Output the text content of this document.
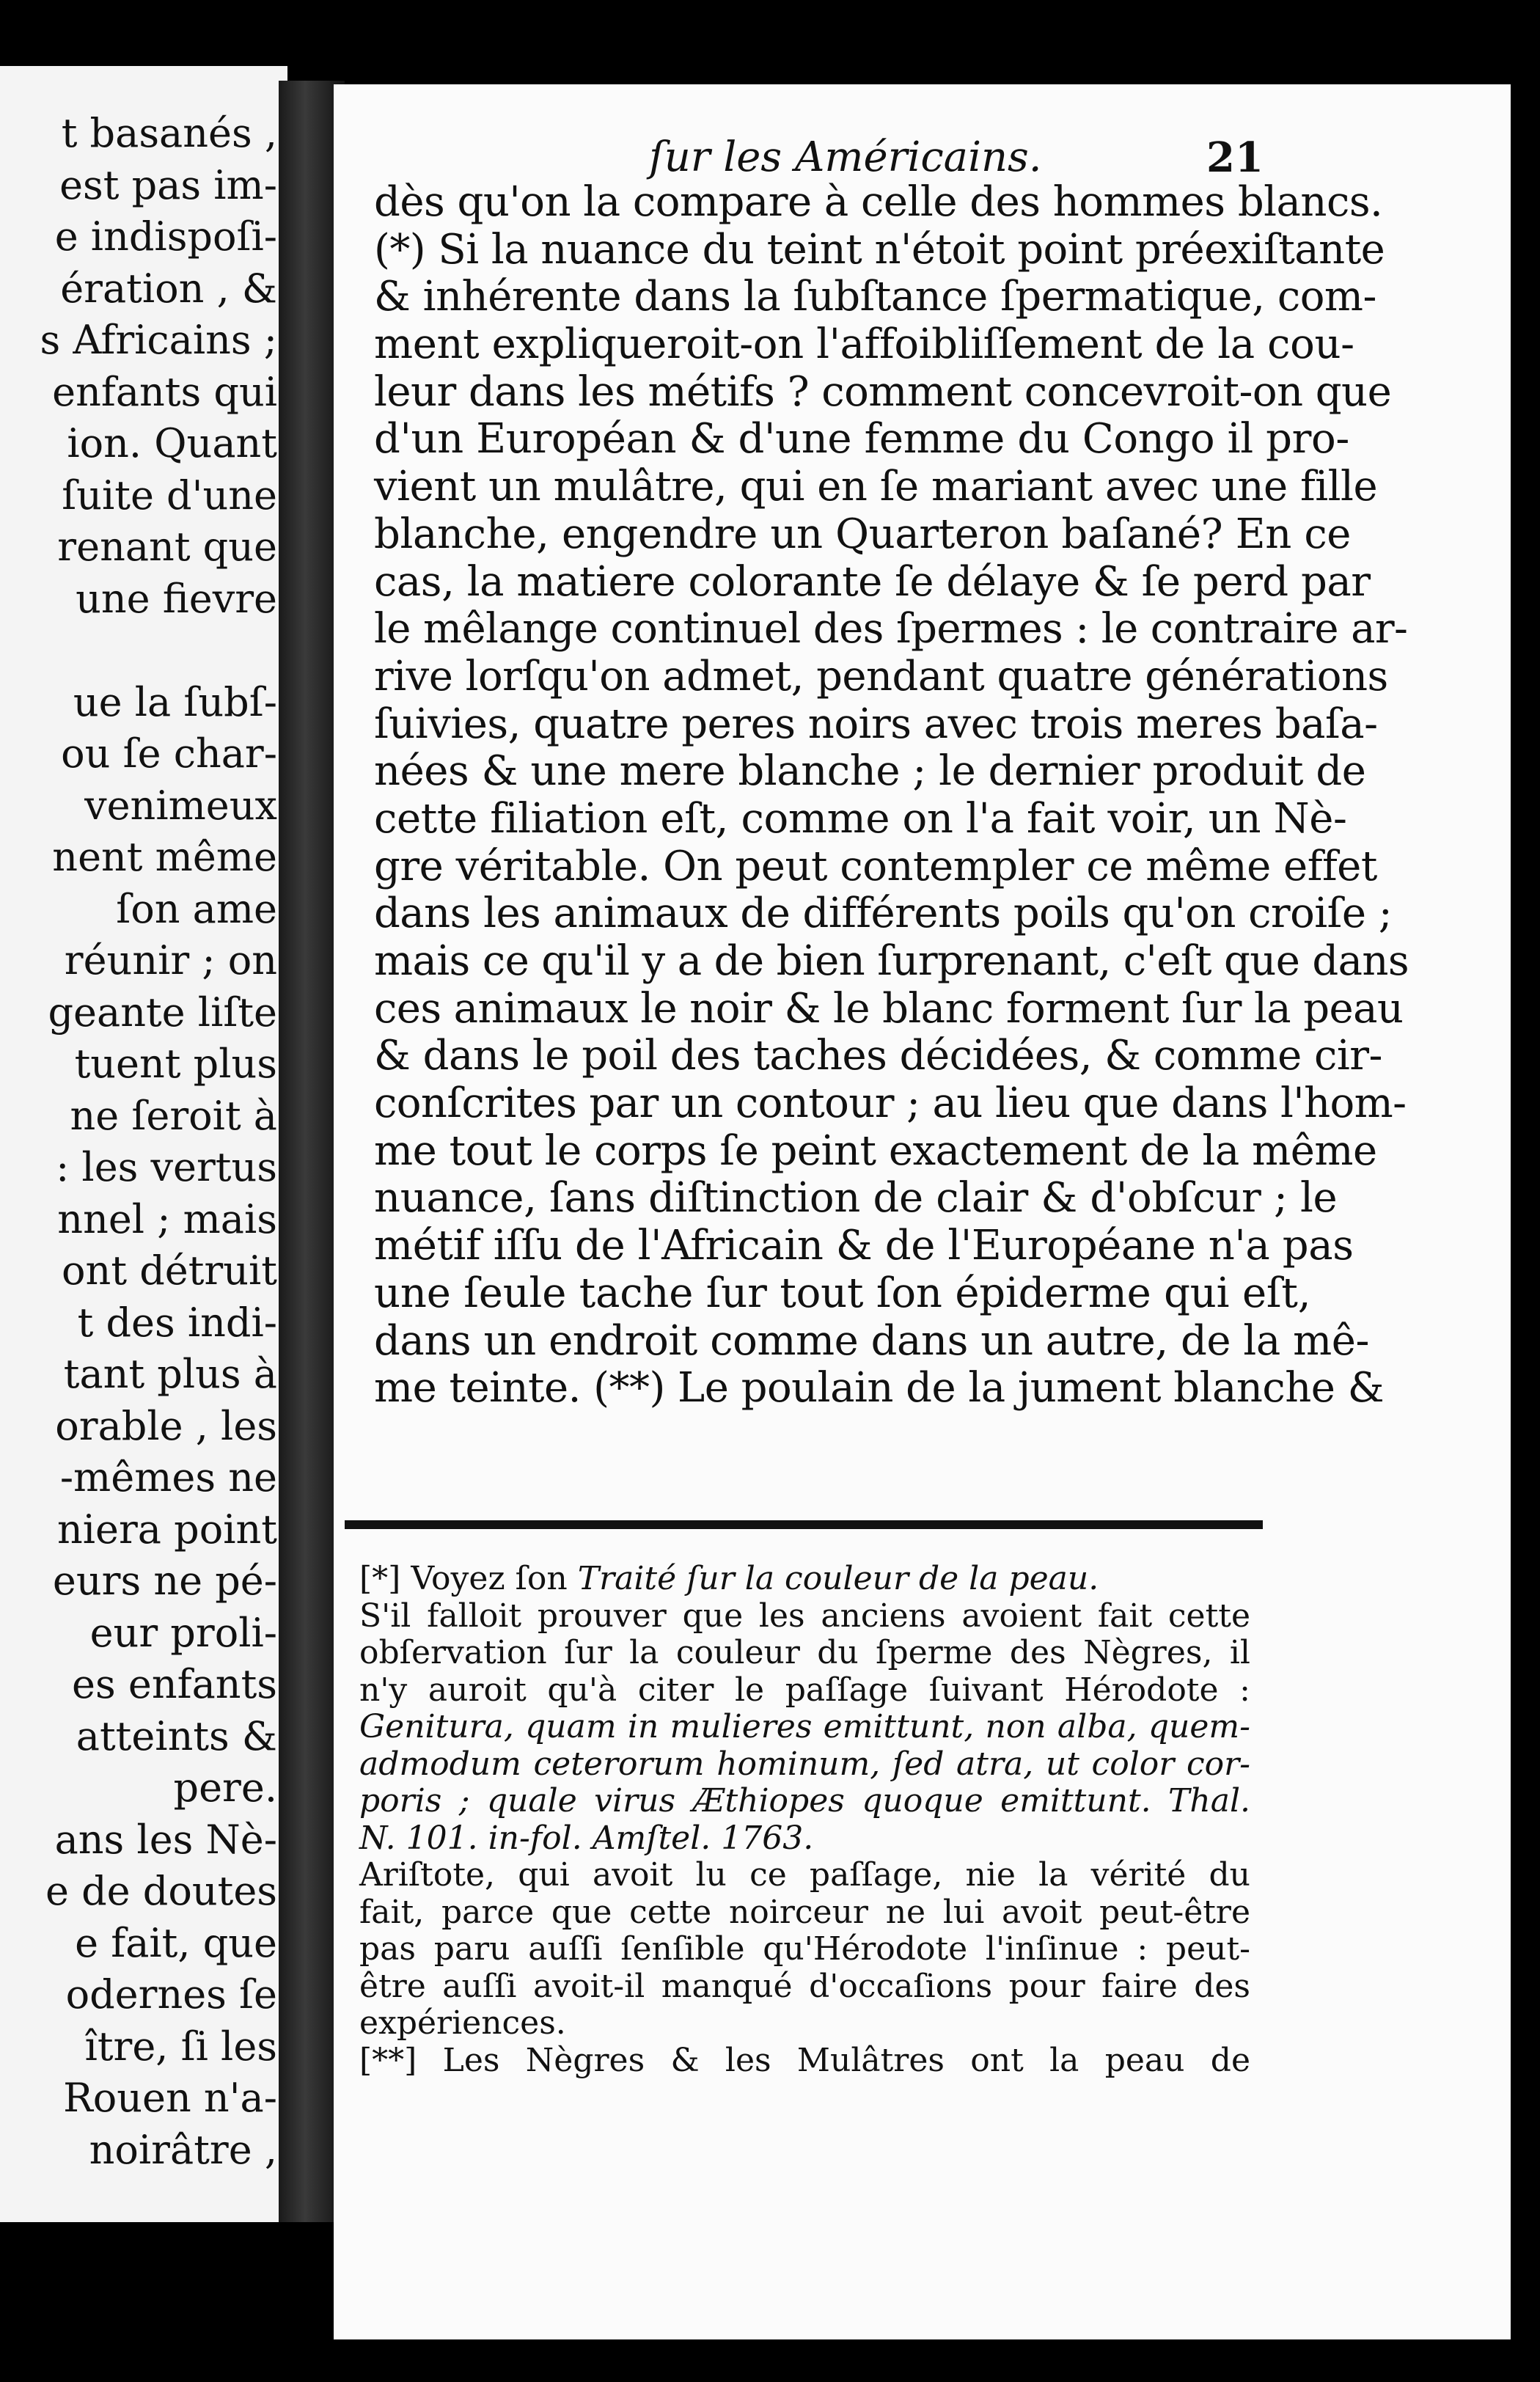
t basanés ,
est pas im-
e indispoſi-
ération , &
s Africains ;
enfants qui
ion. Quant
ſuite d'une
renant que
une fievre
ue la ſubſ-
ou ſe char-
venimeux
nent même
ſon ame
réunir ; on
geante liſte
tuent plus
ne ſeroit à
: les vertus
nnel ; mais
ont détruit
t des indi-
tant plus à
orable , les
-mêmes ne
niera point
eurs ne pé-
eur proli-
es enfants
atteints &
pere.
ans les Nè-
e de doutes
e fait, que
odernes ſe
ître, ſi les
Rouen n'a-
noirâtre ,
ſur les Américains.	21
dès qu'on la compare à celle des hommes blancs.
(*) Si la nuance du teint n'étoit point préexiſtante
& inhérente dans la ſubſtance ſpermatique, com-
ment expliqueroit-on l'affoibliſſement de la cou-
leur dans les métifs ? comment concevroit-on que
d'un Européan & d'une femme du Congo il pro-
vient un mulâtre, qui en ſe mariant avec une fille
blanche, engendre un Quarteron baſané? En ce
cas, la matiere colorante ſe délaye & ſe perd par
le mêlange continuel des ſpermes : le contraire ar-
rive lorſqu'on admet, pendant quatre générations
ſuivies, quatre peres noirs avec trois meres baſa-
nées & une mere blanche ; le dernier produit de
cette filiation eſt, comme on l'a fait voir, un Nè-
gre véritable. On peut contempler ce même effet
dans les animaux de différents poils qu'on croiſe ;
mais ce qu'il y a de bien ſurprenant, c'eſt que dans
ces animaux le noir & le blanc forment ſur la peau
& dans le poil des taches décidées, & comme cir-
conſcrites par un contour ; au lieu que dans l'hom-
me tout le corps ſe peint exactement de la même
nuance, ſans diſtinction de clair & d'obſcur ; le
métif iſſu de l'Africain & de l'Européane n'a pas
une ſeule tache ſur tout ſon épiderme qui eſt,
dans un endroit comme dans un autre, de la mê-
me teinte. (**) Le poulain de la jument blanche &
[*] Voyez ſon Traité ſur la couleur de la peau.
S'il falloit prouver que les anciens avoient fait cette
obſervation ſur la couleur du ſperme des Nègres, il
n'y auroit qu'à citer le paſſage ſuivant Hérodote :
Genitura, quam in mulieres emittunt, non alba, quem-
admodum ceterorum hominum, ſed atra, ut color cor-
poris ; quale virus Æthiopes quoque emittunt. Thal.
N. 101. in-fol. Amſtel. 1763.
Ariſtote, qui avoit lu ce paſſage, nie la vérité du
fait, parce que cette noirceur ne lui avoit peut-être
pas paru auſſi ſenſible qu'Hérodote l'inſinue : peut-
être auſſi avoit-il manqué d'occaſions pour faire des
expériences.
[**] Les Nègres & les Mulâtres ont la peau de
